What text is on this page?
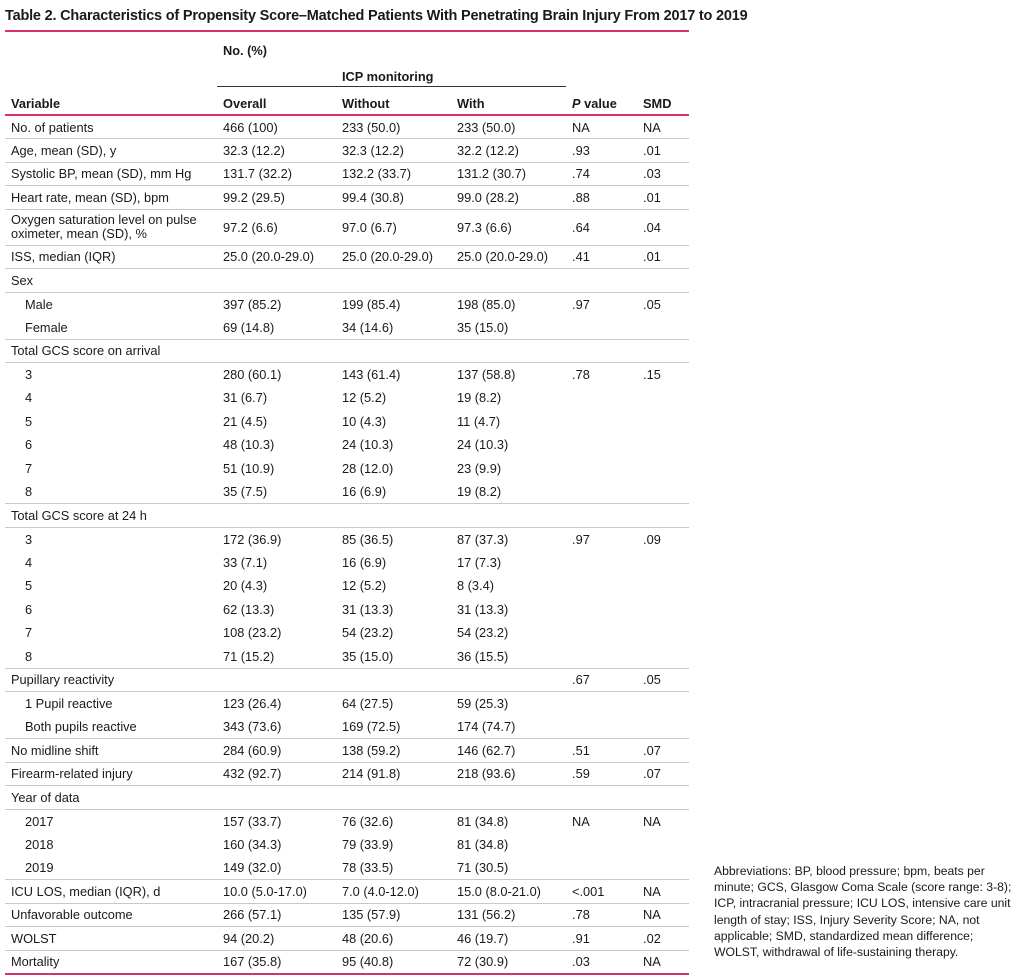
Table 2. Characteristics of Propensity Score–Matched Patients With Penetrating Brain Injury From 2017 to 2019
	No. (%)				
		ICP monitoring			
Variable	Overall	Without	With	P value	SMD
No. of patients	466 (100)	233 (50.0)	233 (50.0)	NA	NA
Age, mean (SD), y	32.3 (12.2)	32.3 (12.2)	32.2 (12.2)	.93	.01
Systolic BP, mean (SD), mm Hg	131.7 (32.2)	132.2 (33.7)	131.2 (30.7)	.74	.03
Heart rate, mean (SD), bpm	99.2 (29.5)	99.4 (30.8)	99.0 (28.2)	.88	.01
Oxygen saturation level on pulse oximeter, mean (SD), %	97.2 (6.6)	97.0 (6.7)	97.3 (6.6)	.64	.04
ISS, median (IQR)	25.0 (20.0-29.0)	25.0 (20.0-29.0)	25.0 (20.0-29.0)	.41	.01
Sex					
Male	397 (85.2)	199 (85.4)	198 (85.0)	.97	.05
Female	69 (14.8)	34 (14.6)	35 (15.0)		
Total GCS score on arrival					
3	280 (60.1)	143 (61.4)	137 (58.8)	.78	.15
4	31 (6.7)	12 (5.2)	19 (8.2)		
5	21 (4.5)	10 (4.3)	11 (4.7)		
6	48 (10.3)	24 (10.3)	24 (10.3)		
7	51 (10.9)	28 (12.0)	23 (9.9)		
8	35 (7.5)	16 (6.9)	19 (8.2)		
Total GCS score at 24 h					
3	172 (36.9)	85 (36.5)	87 (37.3)	.97	.09
4	33 (7.1)	16 (6.9)	17 (7.3)		
5	20 (4.3)	12 (5.2)	8 (3.4)		
6	62 (13.3)	31 (13.3)	31 (13.3)		
7	108 (23.2)	54 (23.2)	54 (23.2)		
8	71 (15.2)	35 (15.0)	36 (15.5)		
Pupillary reactivity				.67	.05
1 Pupil reactive	123 (26.4)	64 (27.5)	59 (25.3)		
Both pupils reactive	343 (73.6)	169 (72.5)	174 (74.7)		
No midline shift	284 (60.9)	138 (59.2)	146 (62.7)	.51	.07
Firearm-related injury	432 (92.7)	214 (91.8)	218 (93.6)	.59	.07
Year of data					
2017	157 (33.7)	76 (32.6)	81 (34.8)	NA	NA
2018	160 (34.3)	79 (33.9)	81 (34.8)		
2019	149 (32.0)	78 (33.5)	71 (30.5)		
ICU LOS, median (IQR), d	10.0 (5.0-17.0)	7.0 (4.0-12.0)	15.0 (8.0-21.0)	<.001	NA
Unfavorable outcome	266 (57.1)	135 (57.9)	131 (56.2)	.78	NA
WOLST	94 (20.2)	48 (20.6)	46 (19.7)	.91	.02
Mortality	167 (35.8)	95 (40.8)	72 (30.9)	.03	NA
Abbreviations: BP, blood pressure; bpm, beats per minute; GCS, Glasgow Coma Scale (score range: 3-8); ICP, intracranial pressure; ICU LOS, intensive care unit length of stay; ISS, Injury Severity Score; NA, not applicable; SMD, standardized mean difference; WOLST, withdrawal of life-sustaining therapy.
